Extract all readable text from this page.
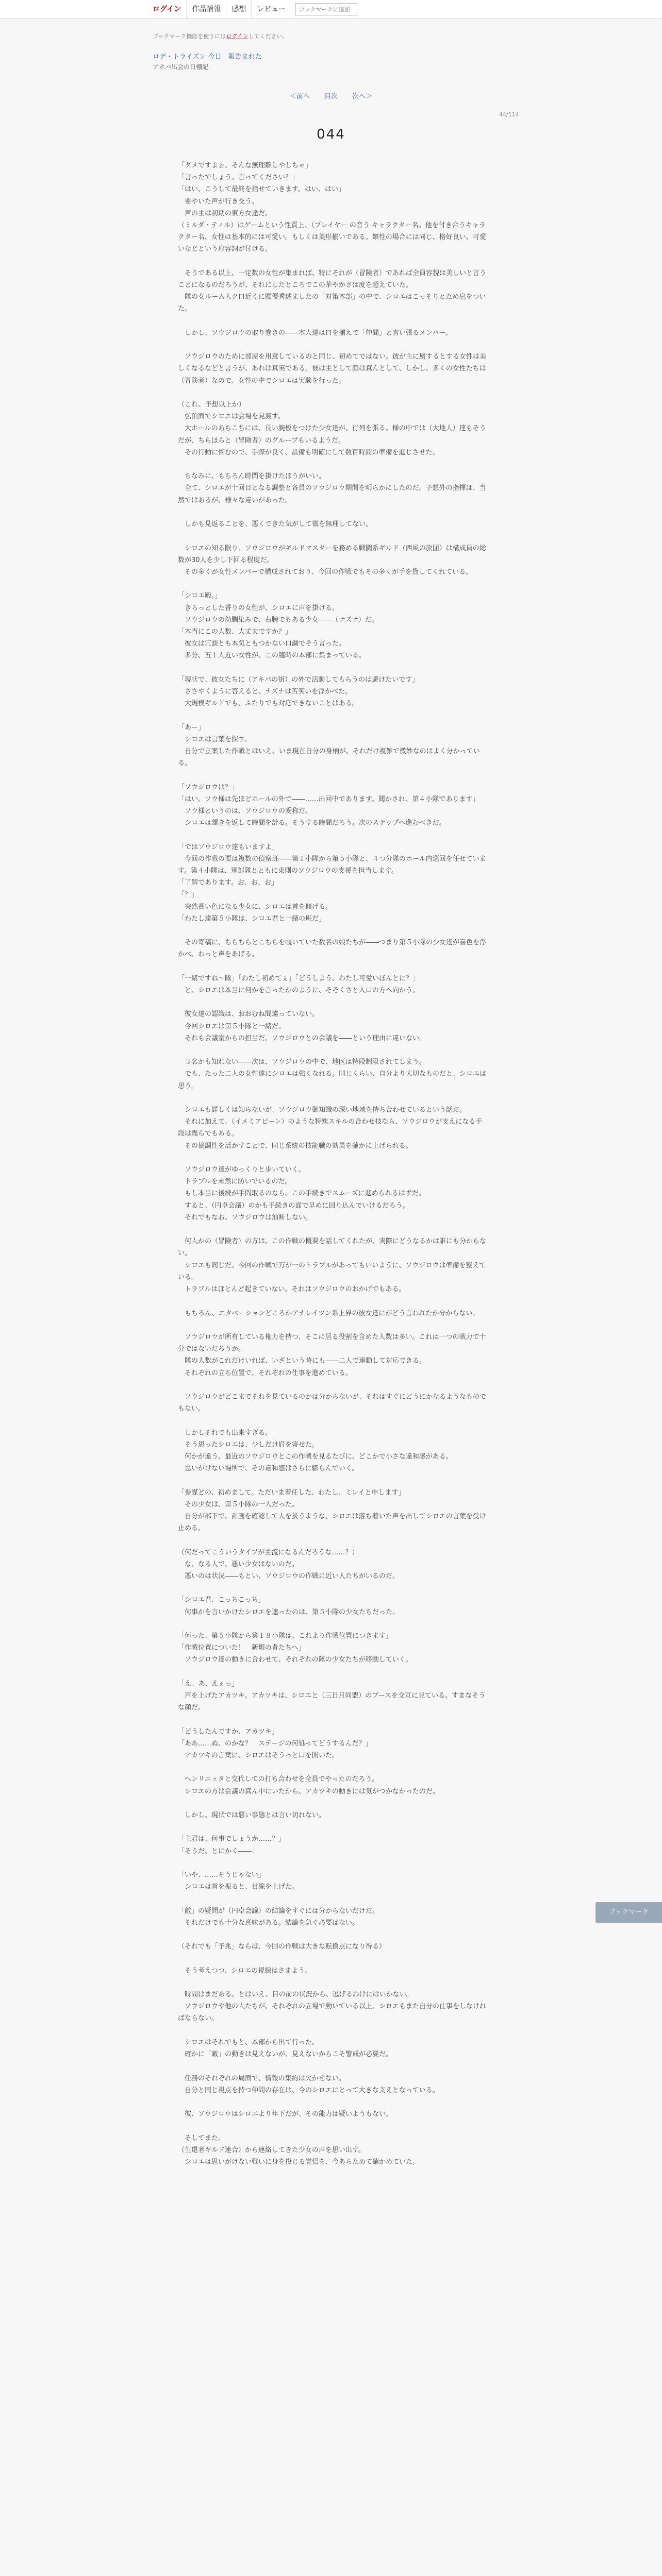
ログイン	作品情報	感想	レビュー
ブックマークに追加
ブックマーク機能を使うにはログインしてください。
ロデ・トライズン 今日　報告まれた
アホバ出会の日棚記
＜前へ 目次 次へ＞
44/114
044
「ダメですよぉ、そんな無理難しやしちゃ」
「言ったでしょう。言ってください？」
「はい、こうして最終を指せていきます。はい、はい」
　要やいた声が行き交う。
　声の主は初期の東方女達だ。
（ミルダ・ティル）はゲームという性質上、（プレイヤー の音う キャラクター名。他を付き合うキャラクター名、女性は基本的には可愛い。もしくは美形揃いである。類性の場合には同じ、格好良い、可愛いなどという形容詞が付ける。

　そうである以上、一定数の女性が集まれば、特にそれが（冒険者）であれば全員容貌は美しいと言うことになるのだろうが、それにしたところでこの華やかさは度を超えていた。
　隊の女ルーム人ク口近くに腰優秀述ましたの「対策本部」の中で、シロエはこっそりとため息をついた。

　しかし、ソウジロウの取り巻きの――本人達は口を揃えて「仲間」と言い張るメンバー。

　ソウジロウのために部屋を用意しているのと同じ、初めてではない。彼が主に属するとする女性は美しくなるなどと言うが、あれは真実である。彼は主として顔は真んとして、しかし、多くの女性たちは（冒険者）なので、女性の中でシロエは実験を行った。

（これ、予想以上か）
　弘頂面でシロエは会場を見渡す。
　大ホールのあちこちには、長い腕板をつけた少女達が、行列を張る。様の中では（大地人）達もそうだが、ちらほらと（冒険者）のグループもいるようだ。
　その行動に悩むので、手際が良く、設備も明確にして数百時間の準備を進じさせた。

　ちなみに、もちろん時間を掛けたほうがいい。
　全て、シロエが十回目となる調整と各員のソウジロウ期間を明らかにしたのだ。予想外の指揮は、当然ではあるが、様々な違いがあった。

　しかも見返ることを、悪くできた気がして微を無理してない。

　シロエの知る限り、ソウジロウがギルドマスターを務める戦闘系ギルド（西風の旅団）は構成員の総数が30人を少し下回る程度だ。
　その多くが女性メンバーで構成されており、今回の作戦でもその多くが手を貸してくれている。

「シロエ殿。」
　きらっとした香りの女性が、シロエに声を掛ける。
　ソウジロウの幼馴染みで、右腕でもある少女――（ナズナ）だ。
「本当にこの人数、大丈夫ですか？」
　彼女は冗談とも本気ともつかない口調でそう言った。
　多分、五十人近い女性が、この臨時の本部に集まっている。

「現状で、彼女たちに（アキバの街）の外で活動してもらうのは避けたいです」
　ささやくように答えると、ナズナは苦笑いを浮かべた。
　大規模ギルドでも、ふたりでも対応できないことはある。

「あー」
　シロエは言葉を探す。
　自分で立案した作戦とはいえ、いま現在自分の身柄が、それだけ複雑で微妙なのはよく分かっている。

「ソウジロウは？」
「はい。ソウ様は先ほどホールの外で――……出回中であります。聞かされ、第４小隊であります」
　ソウ様というのは、ソウジロウの愛称だ。
　シロエは頷きを返して時間を計る。そうする時間だろう。次のステップへ進むべきだ。

「ではソウジロウ達もいますよ」
　今回の作戦の要は複数の偵察班――第１小隊から第５小隊と、４つ分隊のホール内巡回を任せています。第４小隊は、別部隊とともに東側のソウジロウの支援を担当します。
「了解であります。お、お、お」
「？」
　突然長い色になる少女に、シロエは首を傾げる。
「わたし達第５小隊は、シロエ君と一緒の班だ」

　その寄稿に、ちらちらとこちらを覗いていた数名の娘たちが――つまり第５小隊の少女達が喜色を浮かべ、わっと声をあげる。

「一緒ですね～隊」「わたし初めてぇ」「どうしよう、わたし可愛いほんとに？」
　と、シロエは本当に何かを言ったかのように、そそくさと入口の方へ向かう。

　彼女達の認識は、おおむね間違っていない。
　今回シロエは第５小隊と一緒だ。
　それも会議室からの担当だ。ソウジロウとの会議を――という理由に違いない。

　３名かも知れない――次は、ソウジロウの中で、地区は特段制限されてしまう。
　でも、たった二人の女性達にシロエは強くなれる。同じくらい、自分より大切なものだと、シロエは思う。

　シロエも詳しくは知らないが、ソウジロウ御知識の深い地域を持ち合わせているという話だ。
　それに加えて、（イメミアビーン）のような特殊スキルの合わせ技なら、ソウジロウが支えになる手段は幾らでもある。
　その協調性を活かすことで、同じ系統の技能職の効果を確かに上げられる。

　ソウジロウ達がゆっくりと歩いていく。
　トラブルを未然に防いでいるのだ。
　もし本当に後続が手間取るのなら、この手続きでスムーズに進められるはずだ。
　すると、（円卓会議）のかも手続きの面で早めに回り込んでいけるだろう。
　それでもなお、ソウジロウは油断しない。

　何人かの（冒険者）の方は、この作戦の概要を話してくれたが、実際にどうなるかは誰にも分からない。
　シロエも同じだ。今回の作戦で万が一のトラブルがあってもいいように、ソウジロウは準備を整えている。
　トラブルはほとんど起きていない。それはソウジロウのおかげでもある。

　もちろん、エタベーションどころかアナレイツン系上界の彼女達にがどう言われたか分からない。

　ソウジロウが所有している権力を持つ、そこに居る役割を含めた人数は多い。これは一つの戦力で十分ではないだろうか。
　隊の人数がこれだけいれば、いざという時にも――二人で連動して対応できる。
　それぞれの立ち位置で、それぞれの仕事を進めている。

　ソウジロウがどこまでそれを見ているのかは分からないが、それはすぐにどうにかなるようなものでもない。

　しかしそれでも出来すぎる。
　そう思ったシロエは、少しだけ眉を寄せた。
　何かが違う。最近のソウジロウとこの作戦を見るたびに、どこかで小さな違和感がある。
　思いがけない場所で、その違和感はさらに膨らんでいく。

「参謀どの、初めまして。ただいま着任した、わたし、ミレイと申します」
　その少女は、第５小隊の一人だった。
　自分が部下で、計画を確認して人を扱うような、シロエは落ち着いた声を出してシロエの言葉を受け止める。

（何だってこういうタイプが主流になるんだろうな……？）
　な、なる人で、悪い少女はないのだ。
　悪いのは状況――もとい、ソウジロウの作戦に近い人たちがいるのだ。

「シロエ君、こっちこっち」
　何事かを言いかけたシロエを遮ったのは、第５小隊の少女たちだった。

「何った、第５小隊から第１８小隊は、これより作戦位置につきます」
「作戦位置についた！　新規の者たちへ」
　ソウジロウ達の動きに合わせて、それぞれの隊の少女たちが移動していく。

「え、あ、えぇっ」
　声を上げたアカツキ。アカツキは、シロエと（三日月同盟）のブースを交互に見ている。すまなそうな顔だ。

「どうしたんですか、アカツキ」
「ああ……ぬ、のかな？　ステージの何処ってどうするんだ？」
　アカツキの言葉に、シロエはそうっと口を開いた。

　ヘンリエッタと交代しての打ち合わせを全員でやったのだろう。
　シロエの方は会議の真ん中にいたから、アカツキの動きには気がつかなかったのだ。

　しかし、現状では悪い事態とは言い切れない。

「主君は、何事でしょうか……？」
「そうだ、とにかく――」

「いや、……そうじゃない」
　シロエは首を振ると、目線を上げた。

「敵」の疑問が（円卓会議）の結論をすぐには分からないだけだ。
　それだけでも十分な意味がある。結論を急ぐ必要はない。

（それでも「予兆」ならば、今回の作戦は大きな転換点になり得る）

　そう考えつつ、シロエの視線はさまよう。

　時間はまだある。とはいえ、目の前の状況から、逃げるわけにはいかない。
　ソウジロウや他の人たちが、それぞれの立場で動いている以上、シロエもまた自分の仕事をしなければならない。

　シロエはそれでもと、本部から出て行った。
　確かに「敵」の動きは見えないが、見えないからこそ警戒が必要だ。

　任務のそれぞれの局面で、情報の集約は欠かせない。
　自分と同じ視点を持つ仲間の存在は、今のシロエにとって大きな支えとなっている。

　彼、ソウジロウはシロエより年下だが、その能力は疑いようもない。

　そしてまた。
（生還者ギルド連合）から連絡してきた少女の声を思い出す。
　シロエは思いがけない戦いに身を投じる覚悟を、今あらためて確かめていた。
ブックマーク
